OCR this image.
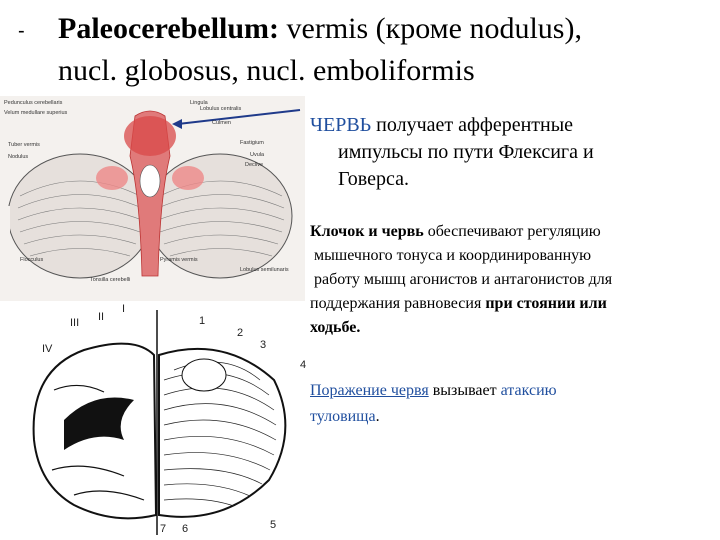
- Paleocerebellum: vermis (кроме nodulus),
nucl. globosus, nucl. emboliformis
Pedunculus cerebellaris	Lingula
Lobulus centralis
Velum medullare superius
Culmen
Tuber vermis
Nodulus
Fastigium
Uvula
Declive
Flocculus
Tonsilla cerebelli
Pyramis vermis
Lobulus semilunaris
III II
I
1
2
3
IV
4
7 6	5
ЧЕРВЬ получает афферентные
импульсы по пути Флексига и
Говерса.
Клочок и червь обеспечивают регуляцию
мышечного тонуса и координированную
работу мышц агонистов и антагонистов для
поддержания равновесия при стоянии или
ходьбе.
Поражение червя вызывает атаксию
туловища.
